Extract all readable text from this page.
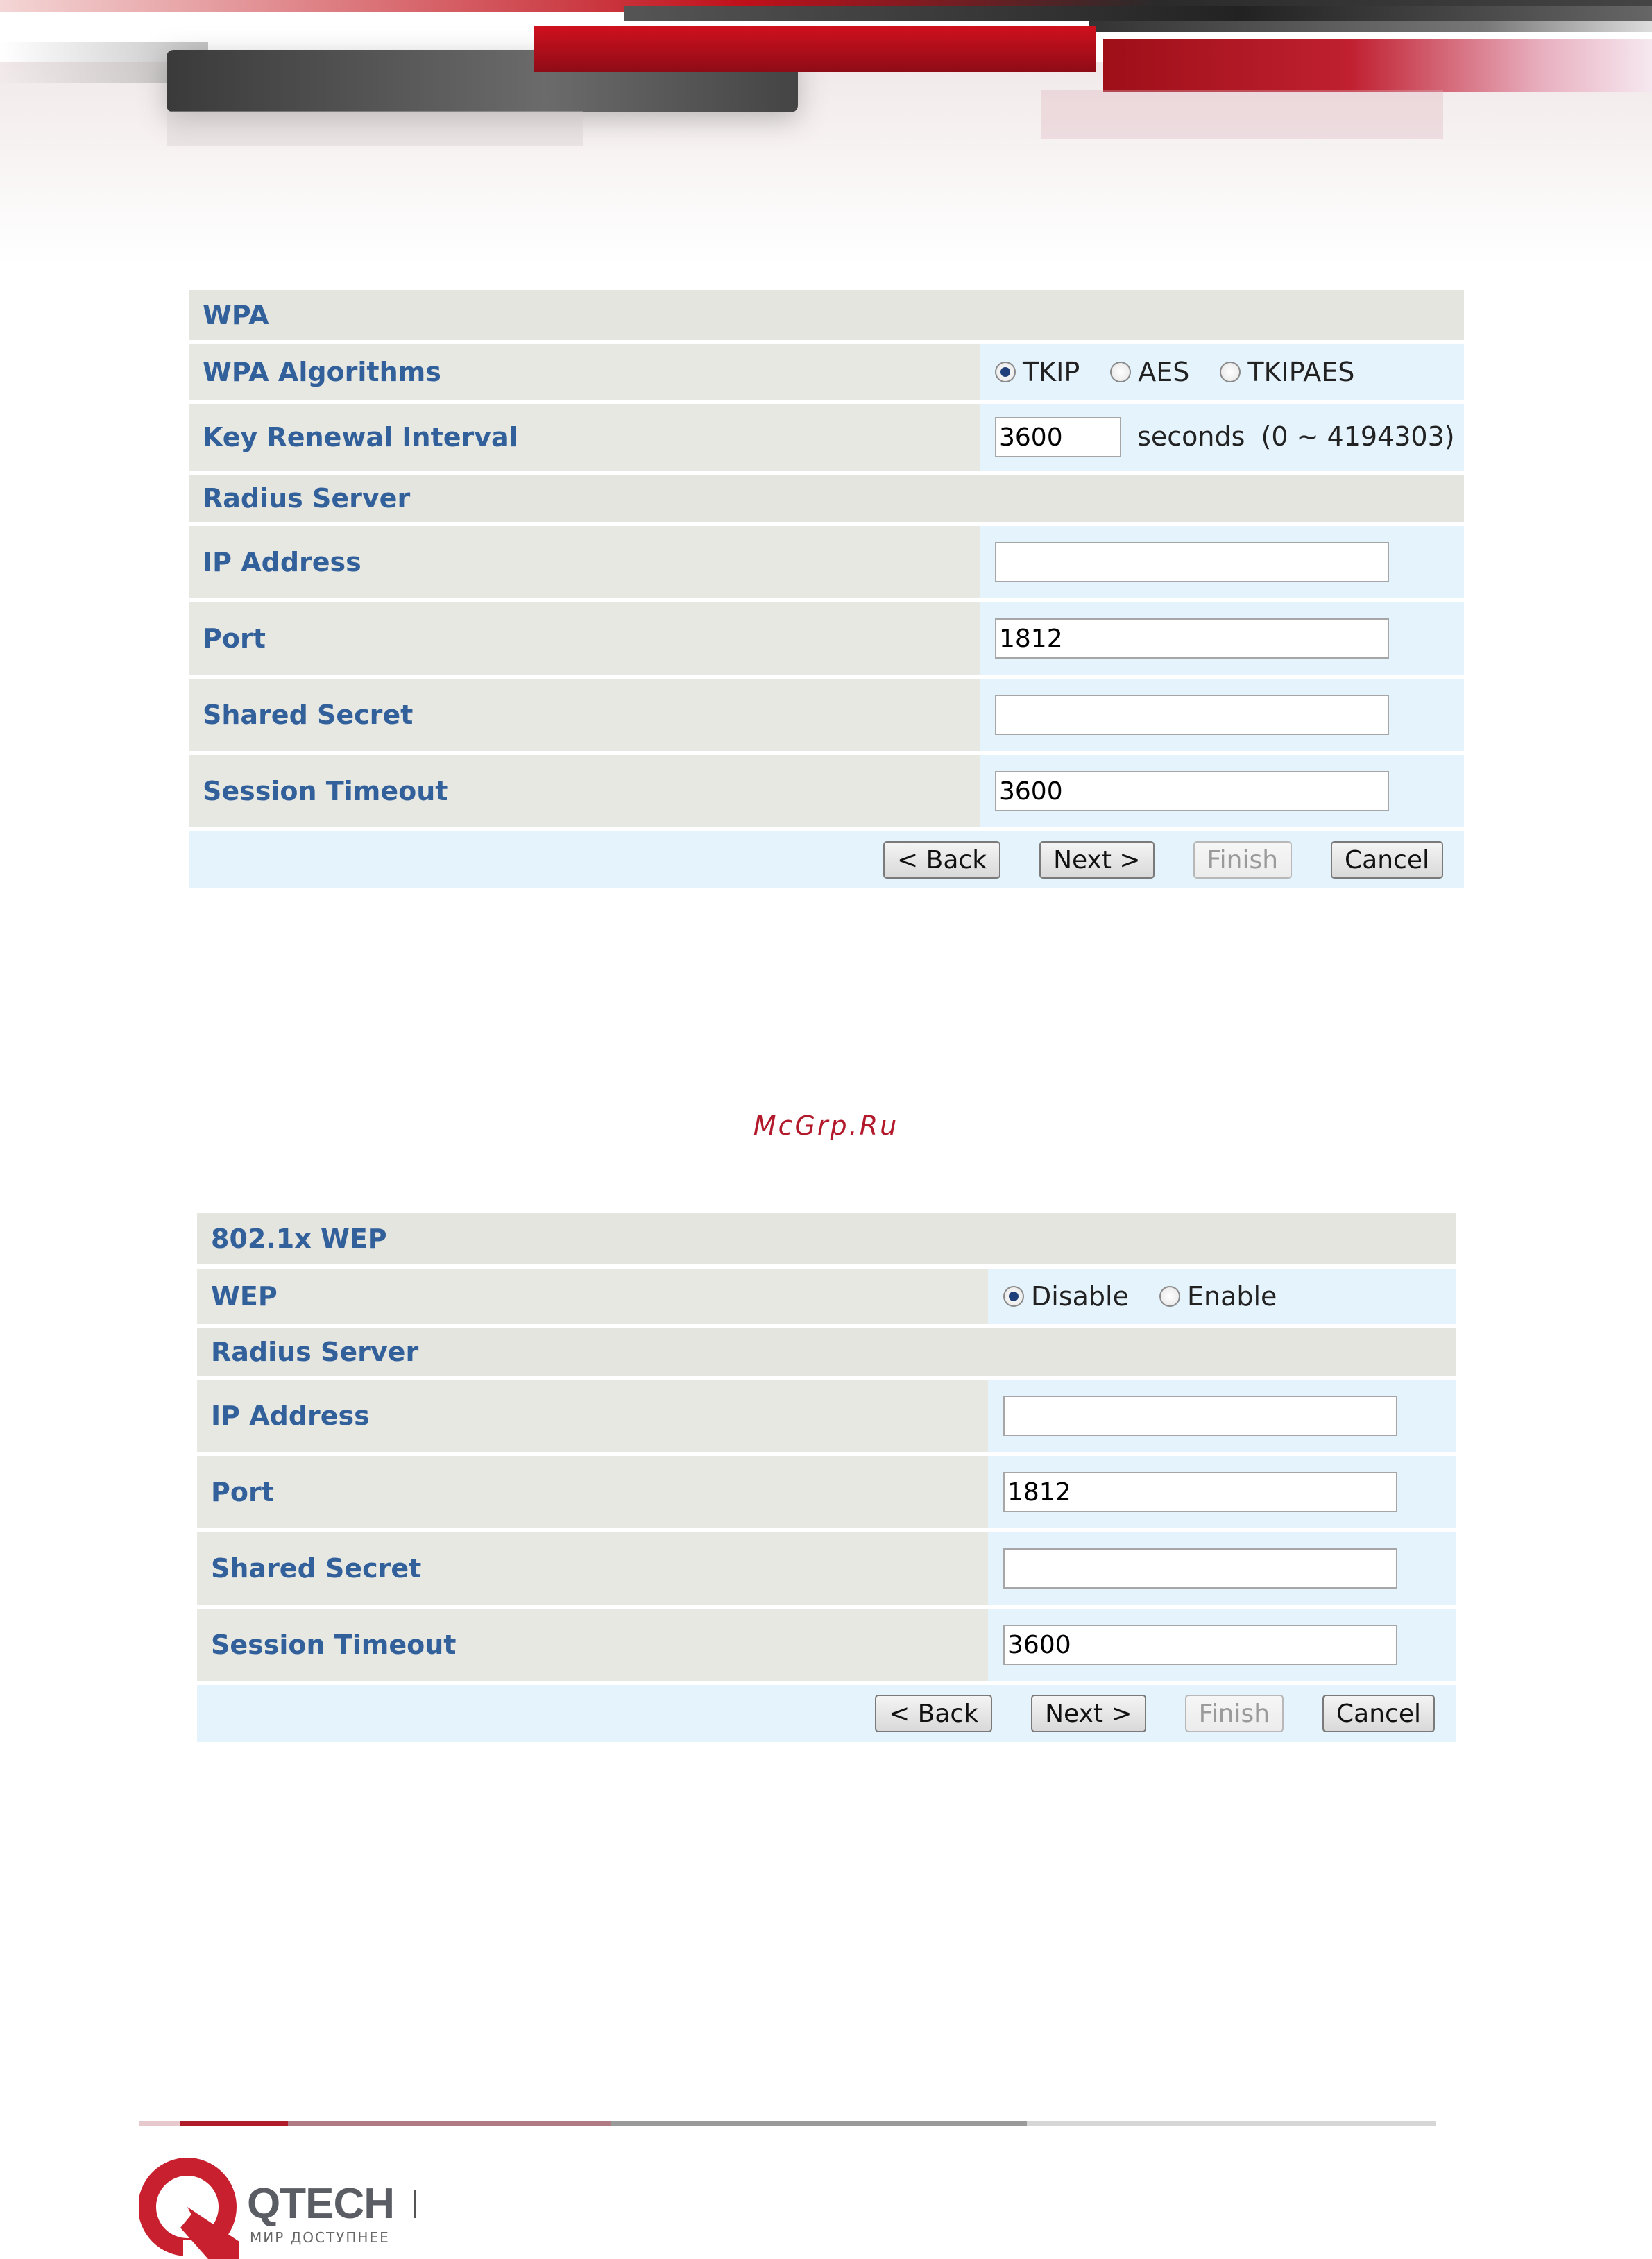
WPA	
WPA Algorithms	TKIP AES TKIPAES

Key Renewal Interval	3600seconds (0 ~ 4194303)
Radius Server	
IP Address	
Port	1812
Shared Secret	
Session Timeout	3600

< Back Next > Finish Cancel	
McGrp.Ru
802.1x WEP	
WEP	Disable Enable

Radius Server	
IP Address	
Port	1812
Shared Secret	
Session Timeout	3600

< Back Next > Finish Cancel	
QTECH
МИР ДОСТУПНЕЕ
